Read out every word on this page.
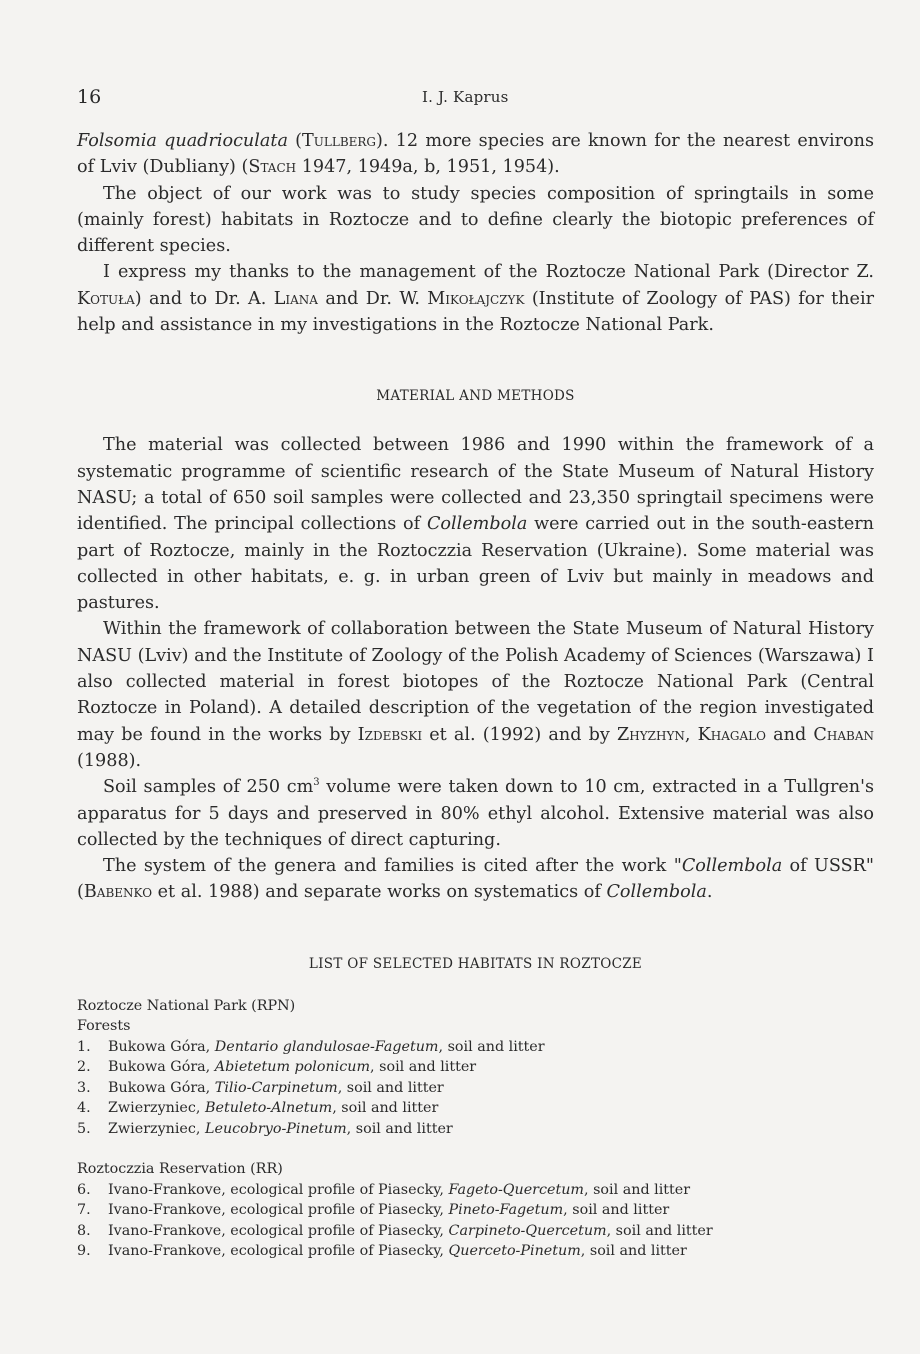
16	I. J. Kaprus

Folsomia quadrioculata (Tullberg). 12 more species are known for the nearest environs of Lviv (Dubliany) (Stach 1947, 1949a, b, 1951, 1954).

The object of our work was to study species composition of springtails in some (mainly forest) habitats in Roztocze and to define clearly the biotopic preferences of different species.

I express my thanks to the management of the Roztocze National Park (Director Z. Kotuła) and to Dr. A. Liana and Dr. W. Mikołajczyk (Institute of Zoology of PAS) for their help and assistance in my investigations in the Roztocze National Park.

MATERIAL AND METHODS

The material was collected between 1986 and 1990 within the framework of a systematic programme of scientific research of the State Museum of Natural History NASU; a total of 650 soil samples were collected and 23,350 springtail specimens were identified. The principal collections of Collembola were carried out in the south-eastern part of Roztocze, mainly in the Roztoczzia Reservation (Ukraine). Some material was collected in other habitats, e. g. in urban green of Lviv but mainly in meadows and pastures.

Within the framework of collaboration between the State Museum of Natural History NASU (Lviv) and the Institute of Zoology of the Polish Academy of Sciences (Warszawa) I also collected material in forest biotopes of the Roztocze National Park (Central Roztocze in Poland). A detailed description of the vegetation of the region investigated may be found in the works by Izdebski et al. (1992) and by Zhyzhyn, Khagalo and Chaban (1988).

Soil samples of 250 $cm^3$ volume were taken down to 10 cm, extracted in a Tullgren's apparatus for 5 days and preserved in 80% ethyl alcohol. Extensive material was also collected by the techniques of direct capturing.

The system of the genera and families is cited after the work "Collembola of USSR" (Babenko et al. 1988) and separate works on systematics of Collembola.

LIST OF SELECTED HABITATS IN ROZTOCZE

Roztocze National Park (RPN)

Forests

1.	Bukowa Góra, Dentario glandulosae-Fagetum, soil and litter
2.	Bukowa Góra, Abietetum polonicum, soil and litter
3.	Bukowa Góra, Tilio-Carpinetum, soil and litter
4.	Zwierzyniec, Betuleto-Alnetum, soil and litter
5.	Zwierzyniec, Leucobryo-Pinetum, soil and litter

Roztoczzia Reservation (RR)

6.	Ivano-Frankove, ecological profile of Piasecky, Fageto-Quercetum, soil and litter
7.	Ivano-Frankove, ecological profile of Piasecky, Pineto-Fagetum, soil and litter
8.	Ivano-Frankove, ecological profile of Piasecky, Carpineto-Quercetum, soil and litter
9.	Ivano-Frankove, ecological profile of Piasecky, Querceto-Pinetum, soil and litter
